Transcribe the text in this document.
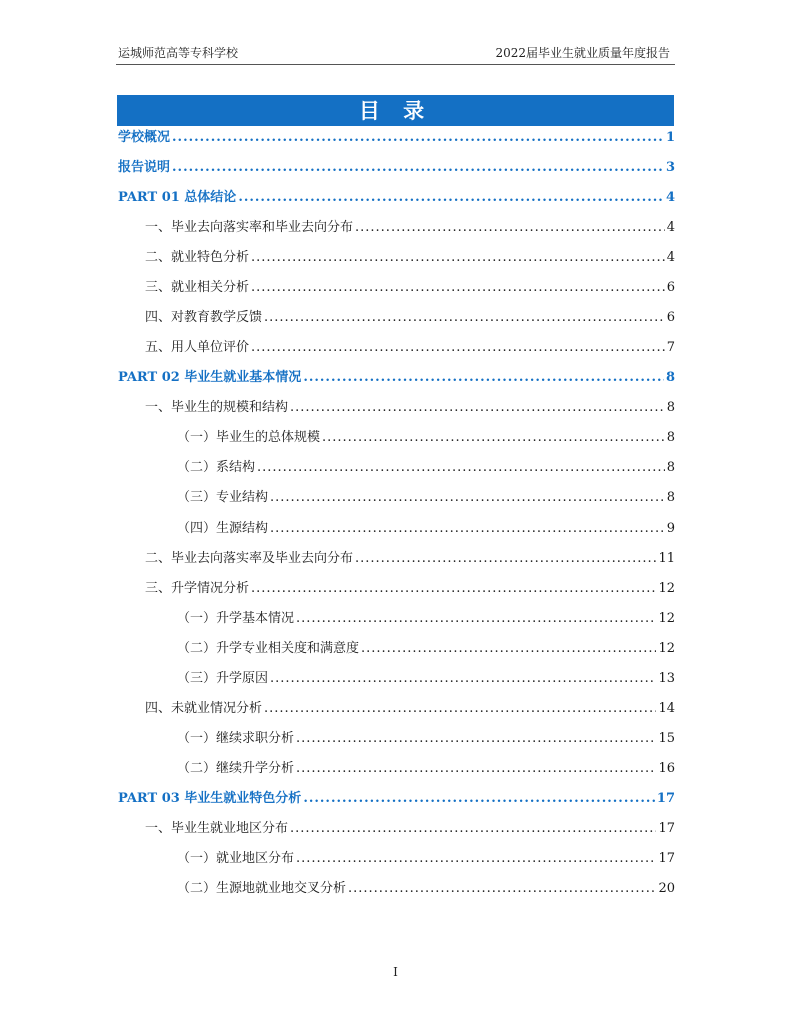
运城师范高等专科学校	2022届毕业生就业质量年度报告
目 录
学校概况 .....	1
报告说明 .....	3
PART 01 总体结论 .....	4
一、毕业去向落实率和毕业去向分布 .....	4
二、就业特色分析 .....	4
三、就业相关分析 .....	6
四、对教育教学反馈 .....	6
五、用人单位评价 .....	7
PART 02 毕业生就业基本情况 .....	8
一、毕业生的规模和结构 .....	8
（一）毕业生的总体规模 .....	8
（二）系结构 .....	8
（三）专业结构 .....	8
（四）生源结构 .....	9
二、毕业去向落实率及毕业去向分布 .....	11
三、升学情况分析 .....	12
（一）升学基本情况 .....	12
（二）升学专业相关度和满意度 .....	12
（三）升学原因 .....	13
四、未就业情况分析 .....	14
（一）继续求职分析 .....	15
（二）继续升学分析 .....	16
PART 03 毕业生就业特色分析 .....	17
一、毕业生就业地区分布 .....	17
（一）就业地区分布 .....	17
（二）生源地就业地交叉分析 .....	20
I
